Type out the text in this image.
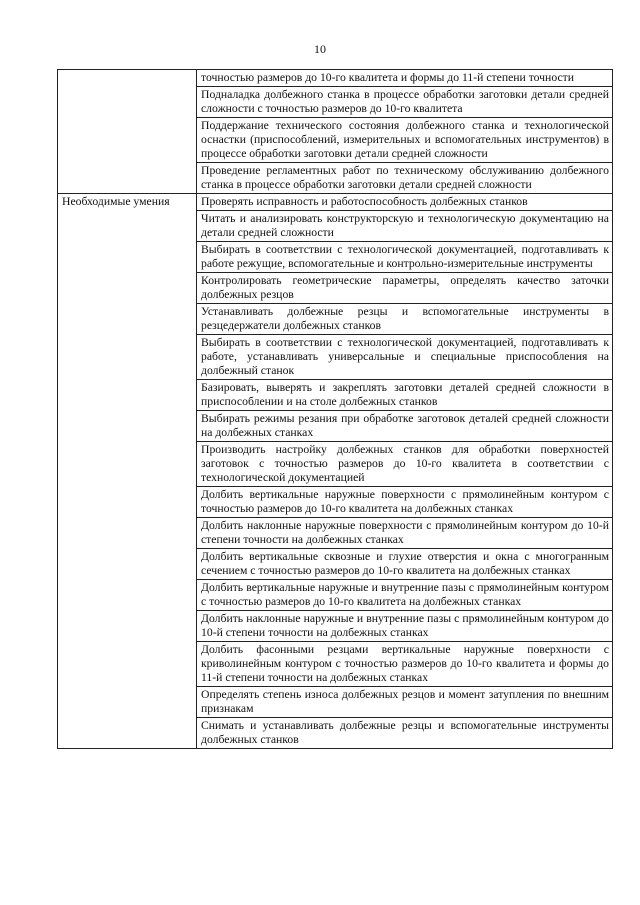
10
	точностью размеров до 10-го квалитета и формы до 11-й степени точности
	Подналадка долбежного станка в процессе обработки заготовки детали средней сложности с точностью размеров до 10-го квалитета
	Поддержание технического состояния долбежного станка и технологической оснастки (приспособлений, измерительных и вспомогательных инструментов) в процессе обработки заготовки детали средней сложности
	Проведение регламентных работ по техническому обслуживанию долбежного станка в процессе обработки заготовки детали средней сложности
Необходимые умения	Проверять исправность и работоспособность долбежных станков
	Читать и анализировать конструкторскую и технологическую документацию на детали средней сложности
	Выбирать в соответствии с технологической документацией, подготавливать к работе режущие, вспомогательные и контрольно-измерительные инструменты
	Контролировать геометрические параметры, определять качество заточки долбежных резцов
	Устанавливать долбежные резцы и вспомогательные инструменты в резцедержатели долбежных станков
	Выбирать в соответствии с технологической документацией, подготавливать к работе, устанавливать универсальные и специальные приспособления на долбежный станок
	Базировать, выверять и закреплять заготовки деталей средней сложности в приспособлении и на столе долбежных станков
	Выбирать режимы резания при обработке заготовок деталей средней сложности на долбежных станках
	Производить настройку долбежных станков для обработки поверхностей заготовок с точностью размеров до 10-го квалитета в соответствии с технологической документацией
	Долбить вертикальные наружные поверхности с прямолинейным контуром с точностью размеров до 10-го квалитета на долбежных станках
	Долбить наклонные наружные поверхности с прямолинейным контуром до 10-й степени точности на долбежных станках
	Долбить вертикальные сквозные и глухие отверстия и окна с многогранным сечением с точностью размеров до 10-го квалитета на долбежных станках
	Долбить вертикальные наружные и внутренние пазы с прямолинейным контуром с точностью размеров до 10-го квалитета на долбежных станках
	Долбить наклонные наружные и внутренние пазы с прямолинейным контуром до 10-й степени точности на долбежных станках
	Долбить фасонными резцами вертикальные наружные поверхности с криволинейным контуром с точностью размеров до 10-го квалитета и формы до 11-й степени точности на долбежных станках
	Определять степень износа долбежных резцов и момент затупления по внешним признакам
	Снимать и устанавливать долбежные резцы и вспомогательные инструменты долбежных станков
